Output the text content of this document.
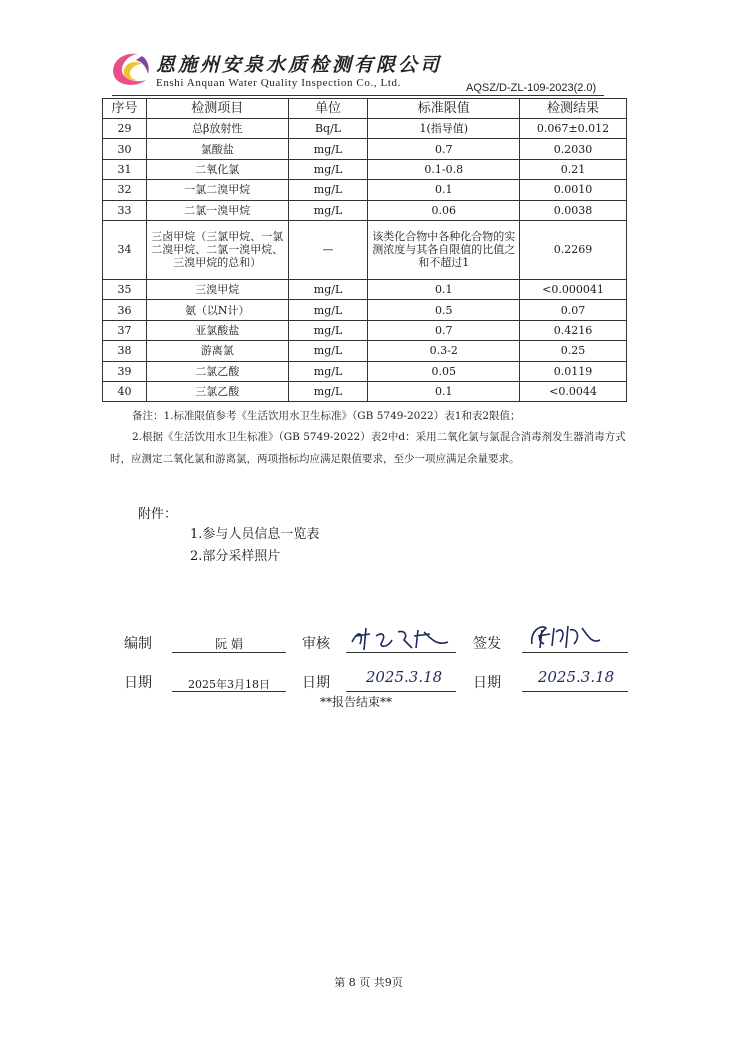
恩施州安泉水质检测有限公司
Enshi Anquan Water Quality Inspection Co., Ltd.	AQSZ/D-ZL-109-2023(2.0)
序号	检测项目	单位	标准限值	检测结果
29	总β放射性	Bq/L	1(指导值)	0.067±0.012
30	氯酸盐	mg/L	0.7	0.2030
31	二氧化氯	mg/L	0.1-0.8	0.21
32	一氯二溴甲烷	mg/L	0.1	0.0010
33	二氯一溴甲烷	mg/L	0.06	0.0038
34	三卤甲烷（三氯甲烷、一氯二溴甲烷、二氯一溴甲烷、三溴甲烷的总和）	—	该类化合物中各种化合物的实测浓度与其各自限值的比值之和不超过1	0.2269
35	三溴甲烷	mg/L	0.1	<0.000041
36	氨（以N计）	mg/L	0.5	0.07
37	亚氯酸盐	mg/L	0.7	0.4216
38	游离氯	mg/L	0.3-2	0.25
39	二氯乙酸	mg/L	0.05	0.0119
40	三氯乙酸	mg/L	0.1	<0.0044
备注：1.标准限值参考《生活饮用水卫生标准》（GB 5749-2022）表1和表2限值；
2.根据《生活饮用水卫生标准》（GB 5749-2022）表2中d：采用二氧化氯与氯混合消毒剂发生器消毒方式时，应测定二氧化氯和游离氯，两项指标均应满足限值要求，至少一项应满足余量要求。
附件：
1.参与人员信息一览表
2.部分采样照片
编制	阮 娟	审核	签发
日期	2025年3月18日	日期	2025.3.18	日期	2025.3.18
**报告结束**
第 8 页 共9页
